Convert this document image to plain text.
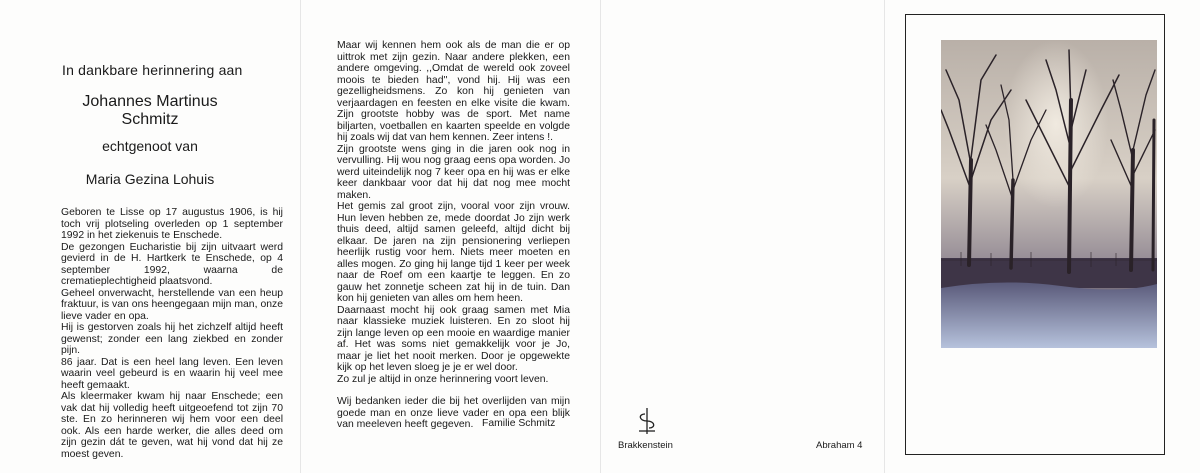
In dankbare herinnering aan
Johannes Martinus
Schmitz
echtgenoot van
Maria Gezina Lohuis

Geboren te Lisse op 17 augustus 1906, is hij toch vrij plotseling overleden op 1 september 1992 in het ziekenuis te Enschede.

De gezongen Eucharistie bij zijn uitvaart werd gevierd in de H. Hartkerk te Enschede, op 4 september 1992, waarna de crematieplechtigheid plaatsvond.

Geheel onverwacht, herstellende van een heup fraktuur, is van ons heengegaan mijn man, onze lieve vader en opa.

Hij is gestorven zoals hij het zichzelf altijd heeft gewenst; zonder een lang ziekbed en zonder pijn.

86 jaar. Dat is een heel lang leven. Een leven waarin veel gebeurd is en waarin hij veel mee heeft gemaakt.

Als kleermaker kwam hij naar Enschede; een vak dat hij volledig heeft uitgeoefend tot zijn 70 ste. En zo herinneren wij hem voor een deel ook. Als een harde werker, die alles deed om zijn gezin dát te geven, wat hij vond dat hij ze moest geven.

Maar wij kennen hem ook als de man die er op uittrok met zijn gezin. Naar andere plekken, een andere omgeving. ,,Omdat de wereld ook zoveel moois te bieden had'', vond hij. Hij was een gezelligheidsmens. Zo kon hij genieten van verjaardagen en feesten en elke visite die kwam. Zijn grootste hobby was de sport. Met name biljarten, voetballen en kaarten speelde en volgde hij zoals wij dat van hem kennen. Zeer intens !.

Zijn grootste wens ging in die jaren ook nog in vervulling. Hij wou nog graag eens opa worden. Jo werd uiteindelijk nog 7 keer opa en hij was er elke keer dankbaar voor dat hij dat nog mee mocht maken.

Het gemis zal groot zijn, vooral voor zijn vrouw. Hun leven hebben ze, mede doordat Jo zijn werk thuis deed, altijd samen geleefd, altijd dicht bij elkaar. De jaren na zijn pensionering verliepen heerlijk rustig voor hem. Niets meer moeten en alles mogen. Zo ging hij lange tijd 1 keer per week naar de Roef om een kaartje te leggen. En zo gauw het zonnetje scheen zat hij in de tuin. Dan kon hij genieten van alles om hem heen.

Daarnaast mocht hij ook graag samen met Mia naar klassieke muziek luisteren. En zo sloot hij zijn lange leven op een mooie en waardige manier af. Het was soms niet gemakkelijk voor je Jo, maar je liet het nooit merken. Door je opgewekte kijk op het leven sloeg je je er wel door.

Zo zul je altijd in onze herinnering voort leven.

Wij bedanken ieder die bij het overlijden van mijn goede man en onze lieve vader en opa een blijk van meeleven heeft gegeven. Familie Schmitz
Brakkenstein	Abraham 4
